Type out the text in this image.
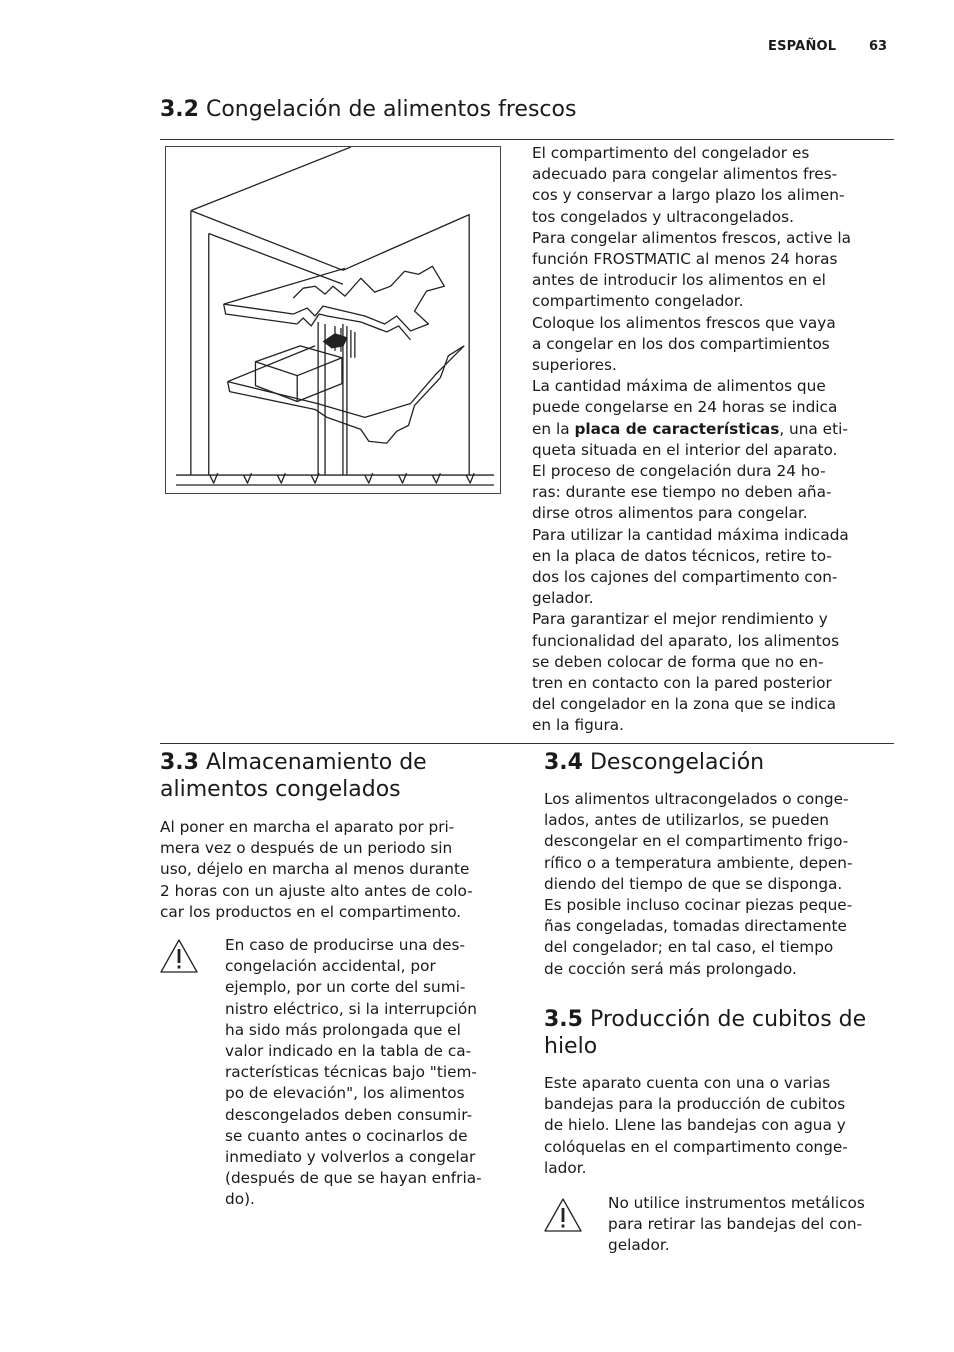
ESPAÑOL	63
3.2 Congelación de alimentos frescos

El compartimento del congelador es
adecuado para congelar alimentos fres-
cos y conservar a largo plazo los alimen-
tos congelados y ultracongelados.
Para congelar alimentos frescos, active la
función FROSTMATIC al menos 24 horas
antes de introducir los alimentos en el
compartimento congelador.
Coloque los alimentos frescos que vaya
a congelar en los dos compartimientos
superiores.
La cantidad máxima de alimentos que
puede congelarse en 24 horas se indica
en la placa de características, una eti-
queta situada en el interior del aparato.
El proceso de congelación dura 24 ho-
ras: durante ese tiempo no deben aña-
dirse otros alimentos para congelar.
Para utilizar la cantidad máxima indicada
en la placa de datos técnicos, retire to-
dos los cajones del compartimento con-
gelador.
Para garantizar el mejor rendimiento y
funcionalidad del aparato, los alimentos
se deben colocar de forma que no en-
tren en contacto con la pared posterior
del congelador en la zona que se indica
en la figura.

3.3 Almacenamiento de
alimentos congelados

Al poner en marcha el aparato por pri-
mera vez o después de un periodo sin
uso, déjelo en marcha al menos durante
2 horas con un ajuste alto antes de colo-
car los productos en el compartimento.

En caso de producirse una des-
congelación accidental, por
ejemplo, por un corte del sumi-
nistro eléctrico, si la interrupción
ha sido más prolongada que el
valor indicado en la tabla de ca-
racterísticas técnicas bajo "tiem-
po de elevación", los alimentos
descongelados deben consumir-
se cuanto antes o cocinarlos de
inmediato y volverlos a congelar
(después de que se hayan enfria-
do).

3.4 Descongelación

Los alimentos ultracongelados o conge-
lados, antes de utilizarlos, se pueden
descongelar en el compartimento frigo-
rífico o a temperatura ambiente, depen-
diendo del tiempo de que se disponga.
Es posible incluso cocinar piezas peque-
ñas congeladas, tomadas directamente
del congelador; en tal caso, el tiempo
de cocción será más prolongado.

3.5 Producción de cubitos de
hielo

Este aparato cuenta con una o varias
bandejas para la producción de cubitos
de hielo. Llene las bandejas con agua y
colóquelas en el compartimento conge-
lador.

No utilice instrumentos metálicos
para retirar las bandejas del con-
gelador.
